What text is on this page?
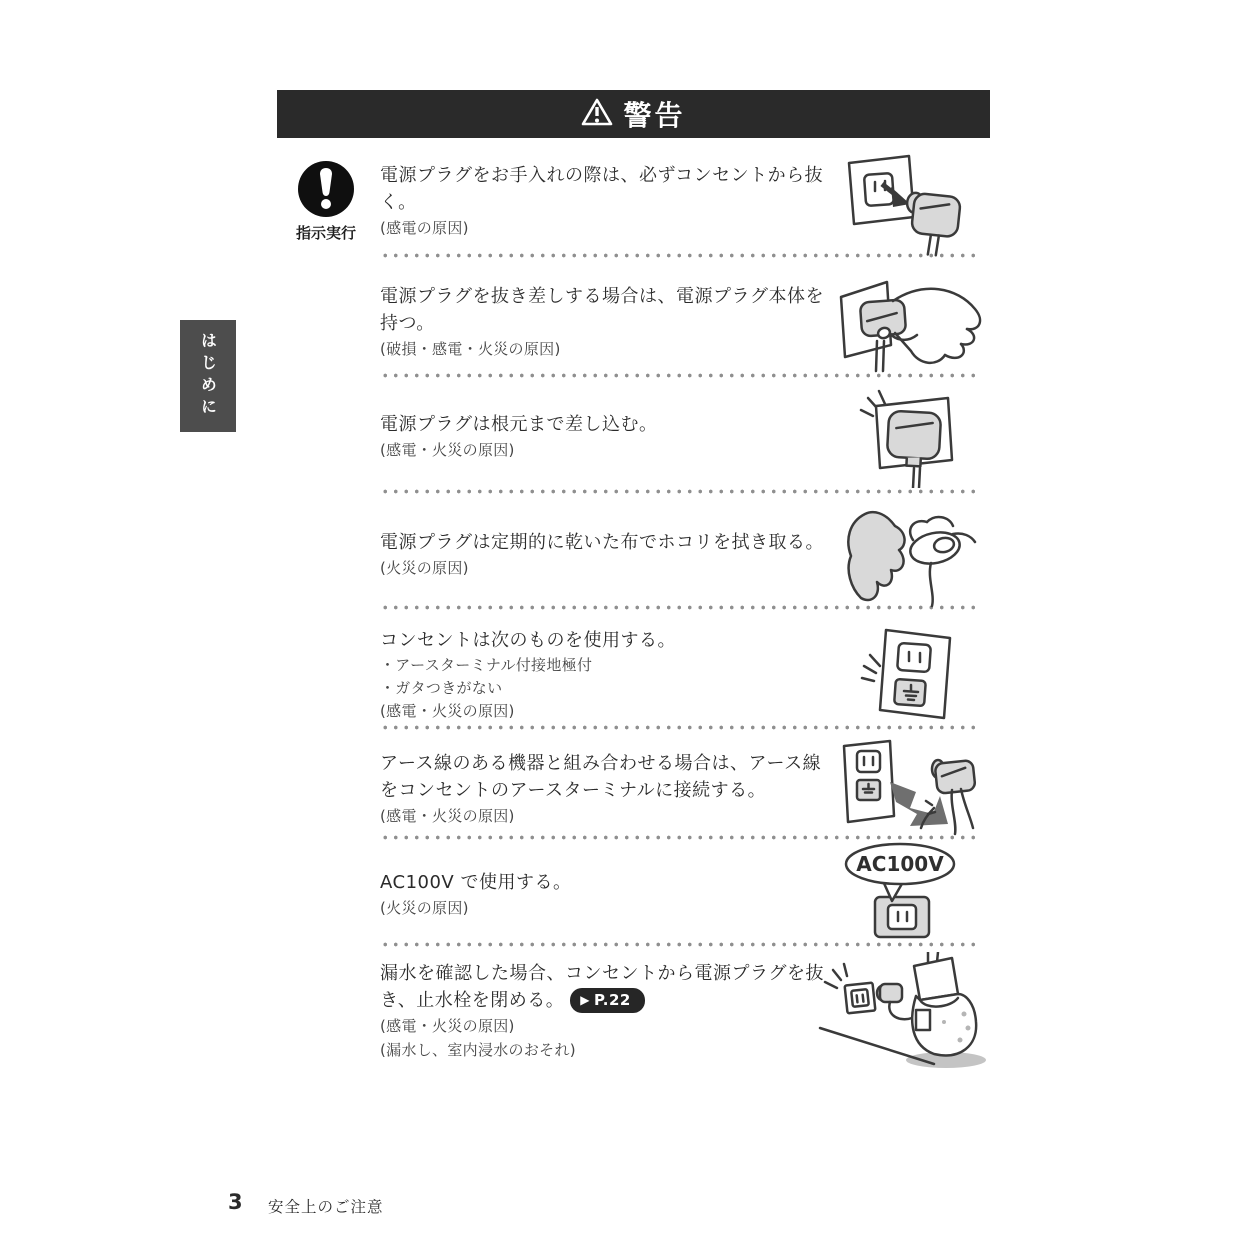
警告
はじめに
指示実行
電源プラグをお手入れの際は、必ずコンセントから抜く。
(感電の原因)
電源プラグを抜き差しする場合は、電源プラグ本体を持つ。
(破損・感電・火災の原因)
電源プラグは根元まで差し込む。
(感電・火災の原因)
電源プラグは定期的に乾いた布でホコリを拭き取る。
(火災の原因)
コンセントは次のものを使用する。
・アースターミナル付接地極付
・ガタつきがない
(感電・火災の原因)
アース線のある機器と組み合わせる場合は、アース線をコンセントのアースターミナルに接続する。
(感電・火災の原因)
AC100V で使用する。
(火災の原因)
漏水を確認した場合、コンセントから電源プラグを抜き、止水栓を閉める。 ▶ P.22
(感電・火災の原因)
(漏水し、室内浸水のおそれ)
AC100V
3 安全上のご注意
